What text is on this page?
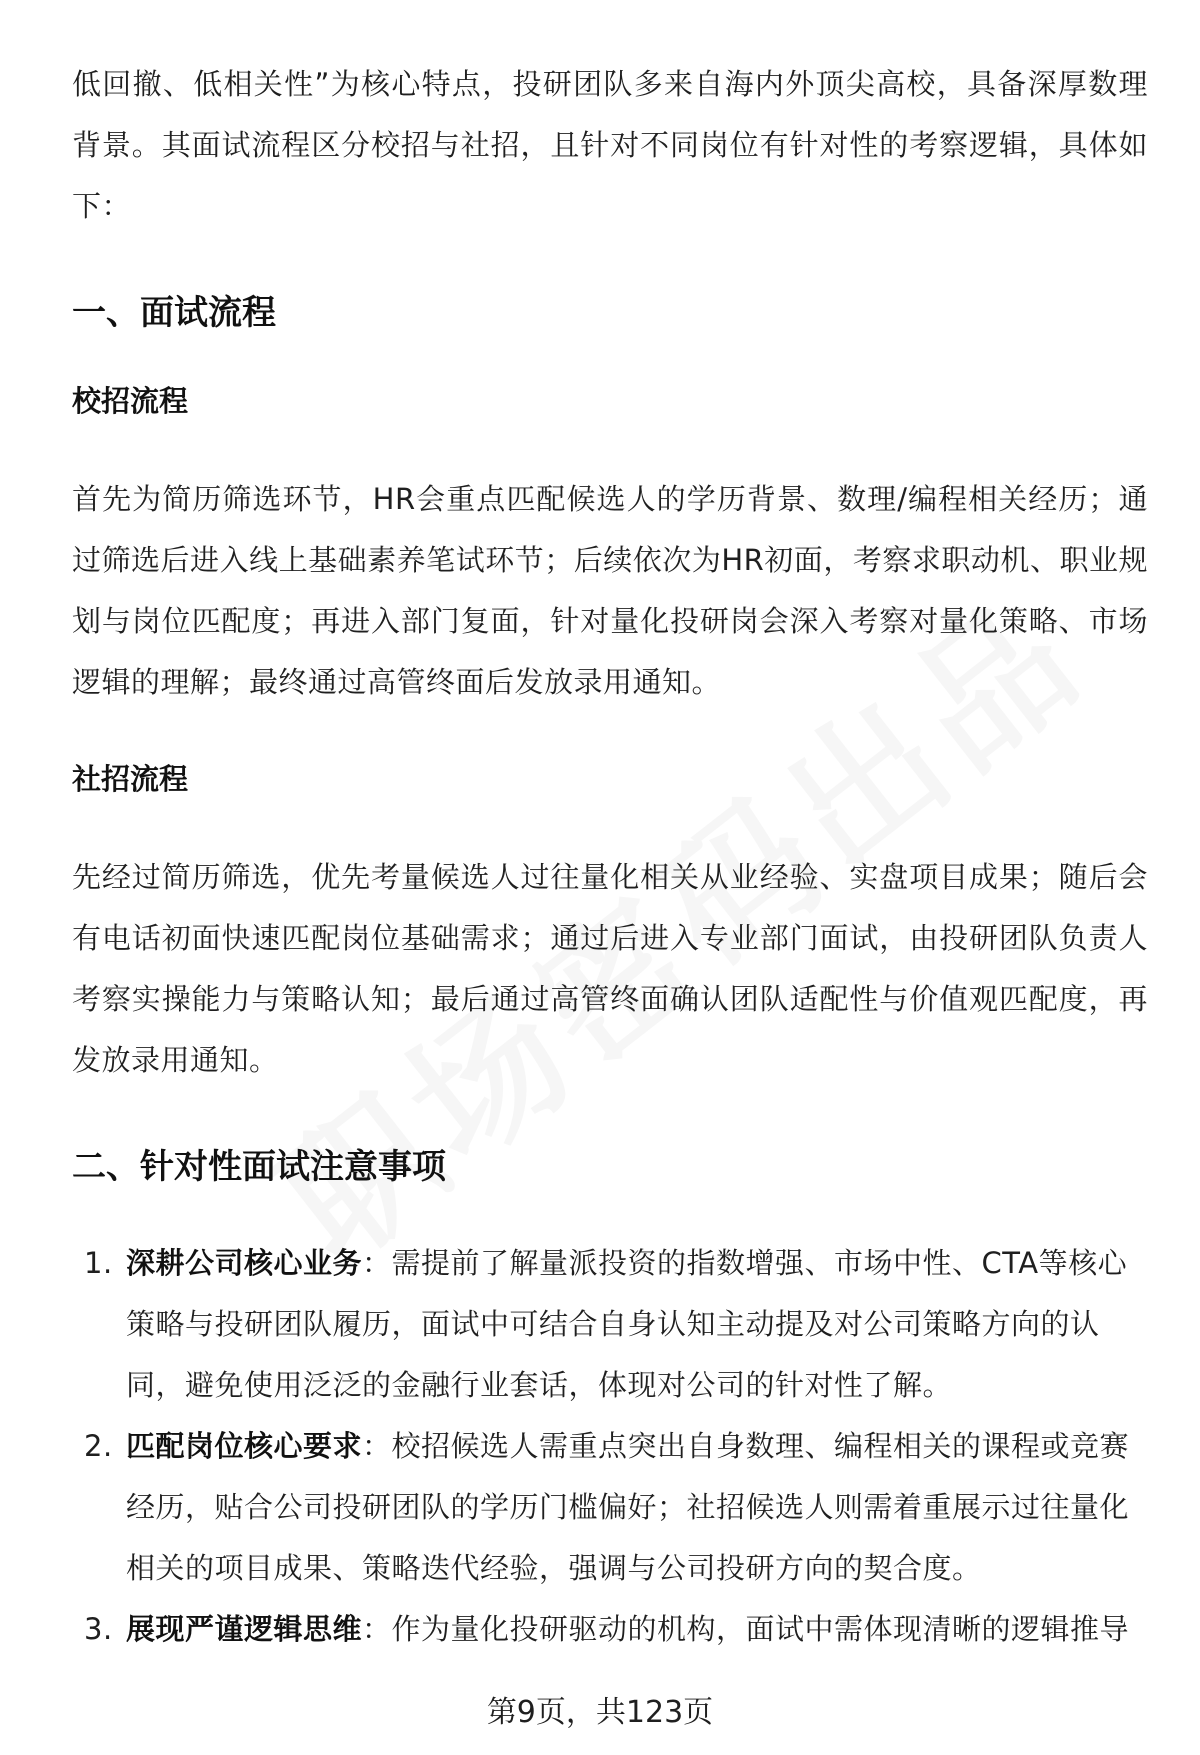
低回撤、低相关性”为核心特点，投研团队多来自海内外顶尖高校，具备深厚数理背景。其面试流程区分校招与社招，且针对不同岗位有针对性的考察逻辑，具体如下：

一、面试流程
校招流程

首先为简历筛选环节，HR会重点匹配候选人的学历背景、数理/编程相关经历；通过筛选后进入线上基础素养笔试环节；后续依次为HR初面，考察求职动机、职业规划与岗位匹配度；再进入部门复面，针对量化投研岗会深入考察对量化策略、市场逻辑的理解；最终通过高管终面后发放录用通知。

社招流程

先经过简历筛选，优先考量候选人过往量化相关从业经验、实盘项目成果；随后会有电话初面快速匹配岗位基础需求；通过后进入专业部门面试，由投研团队负责人考察实操能力与策略认知；最后通过高管终面确认团队适配性与价值观匹配度，再发放录用通知。

二、针对性面试注意事项
1. 深耕公司核心业务：需提前了解量派投资的指数增强、市场中性、CTA等核心策略与投研团队履历，面试中可结合自身认知主动提及对公司策略方向的认同，避免使用泛泛的金融行业套话，体现对公司的针对性了解。
2. 匹配岗位核心要求：校招候选人需重点突出自身数理、编程相关的课程或竞赛经历，贴合公司投研团队的学历门槛偏好；社招候选人则需着重展示过往量化相关的项目成果、策略迭代经验，强调与公司投研方向的契合度。
3. 展现严谨逻辑思维：作为量化投研驱动的机构，面试中需体现清晰的逻辑推导
第9页，共123页
